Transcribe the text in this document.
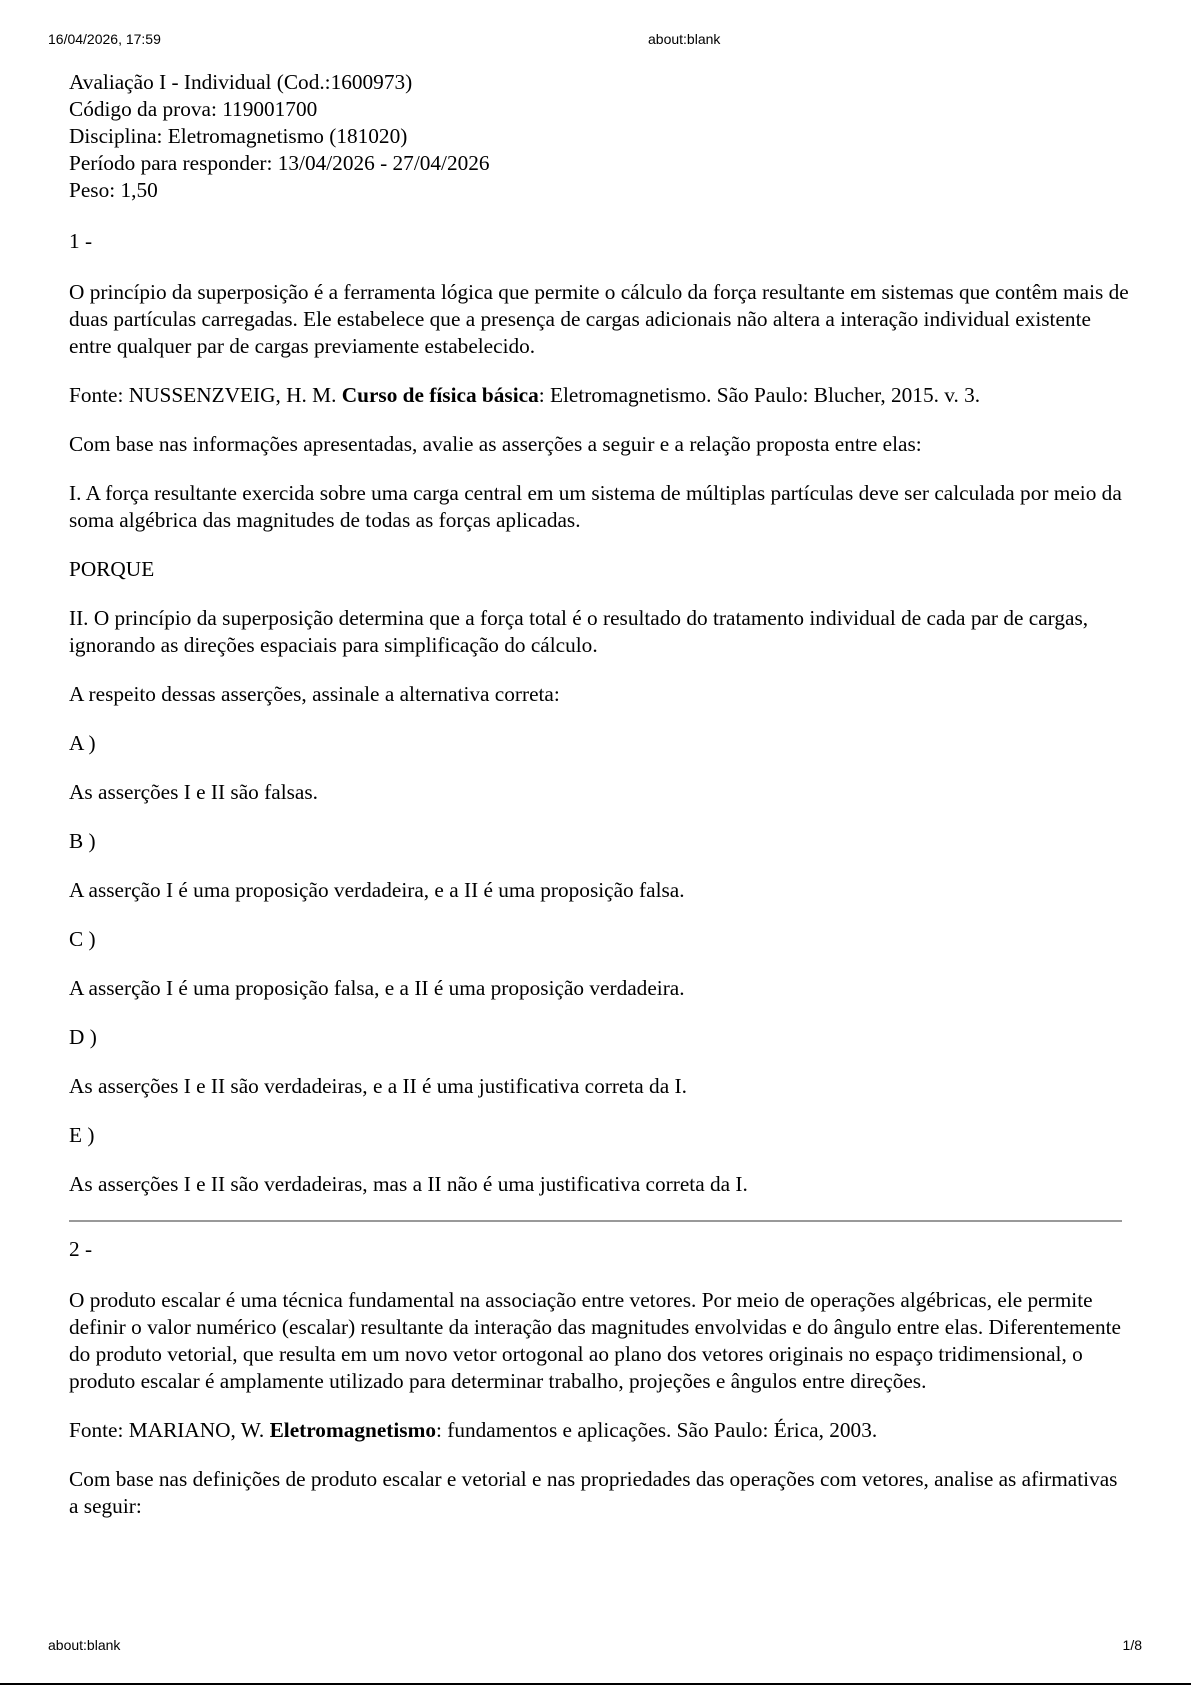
16/04/2026, 17:59	about:blank

Avaliação I - Individual (Cod.:1600973)

Código da prova: 119001700

Disciplina: Eletromagnetismo (181020)

Período para responder: 13/04/2026 - 27/04/2026

Peso: 1,50

1 -

O princípio da superposição é a ferramenta lógica que permite o cálculo da força resultante em sistemas que contêm mais de duas partículas carregadas. Ele estabelece que a presença de cargas adicionais não altera a interação individual existente entre qualquer par de cargas previamente estabelecido.

Fonte: NUSSENZVEIG, H. M. Curso de física básica: Eletromagnetismo. São Paulo: Blucher, 2015. v. 3.

Com base nas informações apresentadas, avalie as asserções a seguir e a relação proposta entre elas:

I. A força resultante exercida sobre uma carga central em um sistema de múltiplas partículas deve ser calculada por meio da soma algébrica das magnitudes de todas as forças aplicadas.

PORQUE

II. O princípio da superposição determina que a força total é o resultado do tratamento individual de cada par de cargas, ignorando as direções espaciais para simplificação do cálculo.

A respeito dessas asserções, assinale a alternativa correta:

A )

As asserções I e II são falsas.

B )

A asserção I é uma proposição verdadeira, e a II é uma proposição falsa.

C )

A asserção I é uma proposição falsa, e a II é uma proposição verdadeira.

D )

As asserções I e II são verdadeiras, e a II é uma justificativa correta da I.

E )

As asserções I e II são verdadeiras, mas a II não é uma justificativa correta da I.

2 -

O produto escalar é uma técnica fundamental na associação entre vetores. Por meio de operações algébricas, ele permite definir o valor numérico (escalar) resultante da interação das magnitudes envolvidas e do ângulo entre elas. Diferentemente do produto vetorial, que resulta em um novo vetor ortogonal ao plano dos vetores originais no espaço tridimensional, o produto escalar é amplamente utilizado para determinar trabalho, projeções e ângulos entre direções.

Fonte: MARIANO, W. Eletromagnetismo: fundamentos e aplicações. São Paulo: Érica, 2003.

Com base nas definições de produto escalar e vetorial e nas propriedades das operações com vetores, analise as afirmativas a seguir:

about:blank	1/8
